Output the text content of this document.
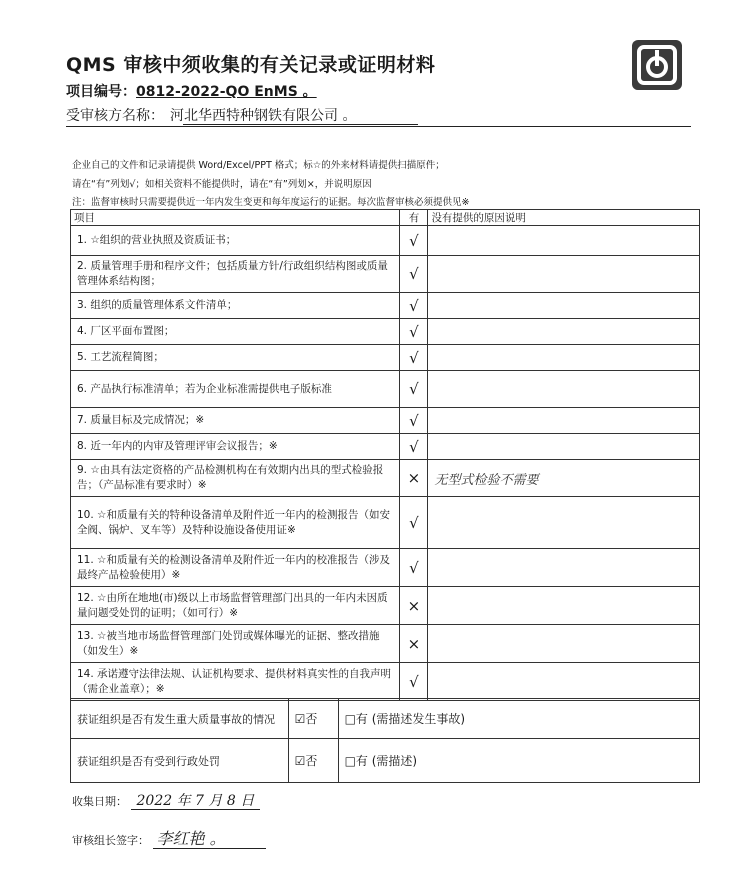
QMS 审核中须收集的有关记录或证明材料
项目编号：0812-2022-QO EnMS 。
受审核方名称： 河北华西特种钢铁有限公司 。
企业自己的文件和记录请提供 Word/Excel/PPT 格式；标☆的外来材料请提供扫描原件；
请在“有”列划√；如相关资料不能提供时，请在“有”列划×，并说明原因
注：监督审核时只需要提供近一年内发生变更和每年度运行的证据。每次监督审核必须提供见※
项目	有	没有提供的原因说明
1. ☆组织的营业执照及资质证书；	√	
2. 质量管理手册和程序文件；包括质量方针/行政组织结构图或质量管理体系结构图；	√	
3. 组织的质量管理体系文件清单；	√	
4. 厂区平面布置图；	√	
5. 工艺流程简图；	√	
6. 产品执行标准清单；若为企业标准需提供电子版标准	√	
7. 质量目标及完成情况；※	√	
8. 近一年内的内审及管理评审会议报告；※	√	
9. ☆由具有法定资格的产品检测机构在有效期内出具的型式检验报告；（产品标准有要求时）※	×	无型式检验不需要
10. ☆和质量有关的特种设备清单及附件近一年内的检测报告（如安全阀、锅炉、叉车等）及特种设施设备使用证※	√	
11. ☆和质量有关的检测设备清单及附件近一年内的校准报告（涉及最终产品检验使用）※	√	
12. ☆由所在地地(市)级以上市场监督管理部门出具的一年内未因质量问题受处罚的证明；（如可行）※	×	
13. ☆被当地市场监督管理部门处罚或媒体曝光的证据、整改措施（如发生）※	×	
14. 承诺遵守法律法规、认证机构要求、提供材料真实性的自我声明（需企业盖章）；※	√	
获证组织是否有发生重大质量事故的情况	☑否	□有 (需描述发生事故)
获证组织是否有受到行政处罚	☑否	□有 (需描述)
收集日期： 2022 年 7 月 8 日
审核组长签字： 李红艳 。
